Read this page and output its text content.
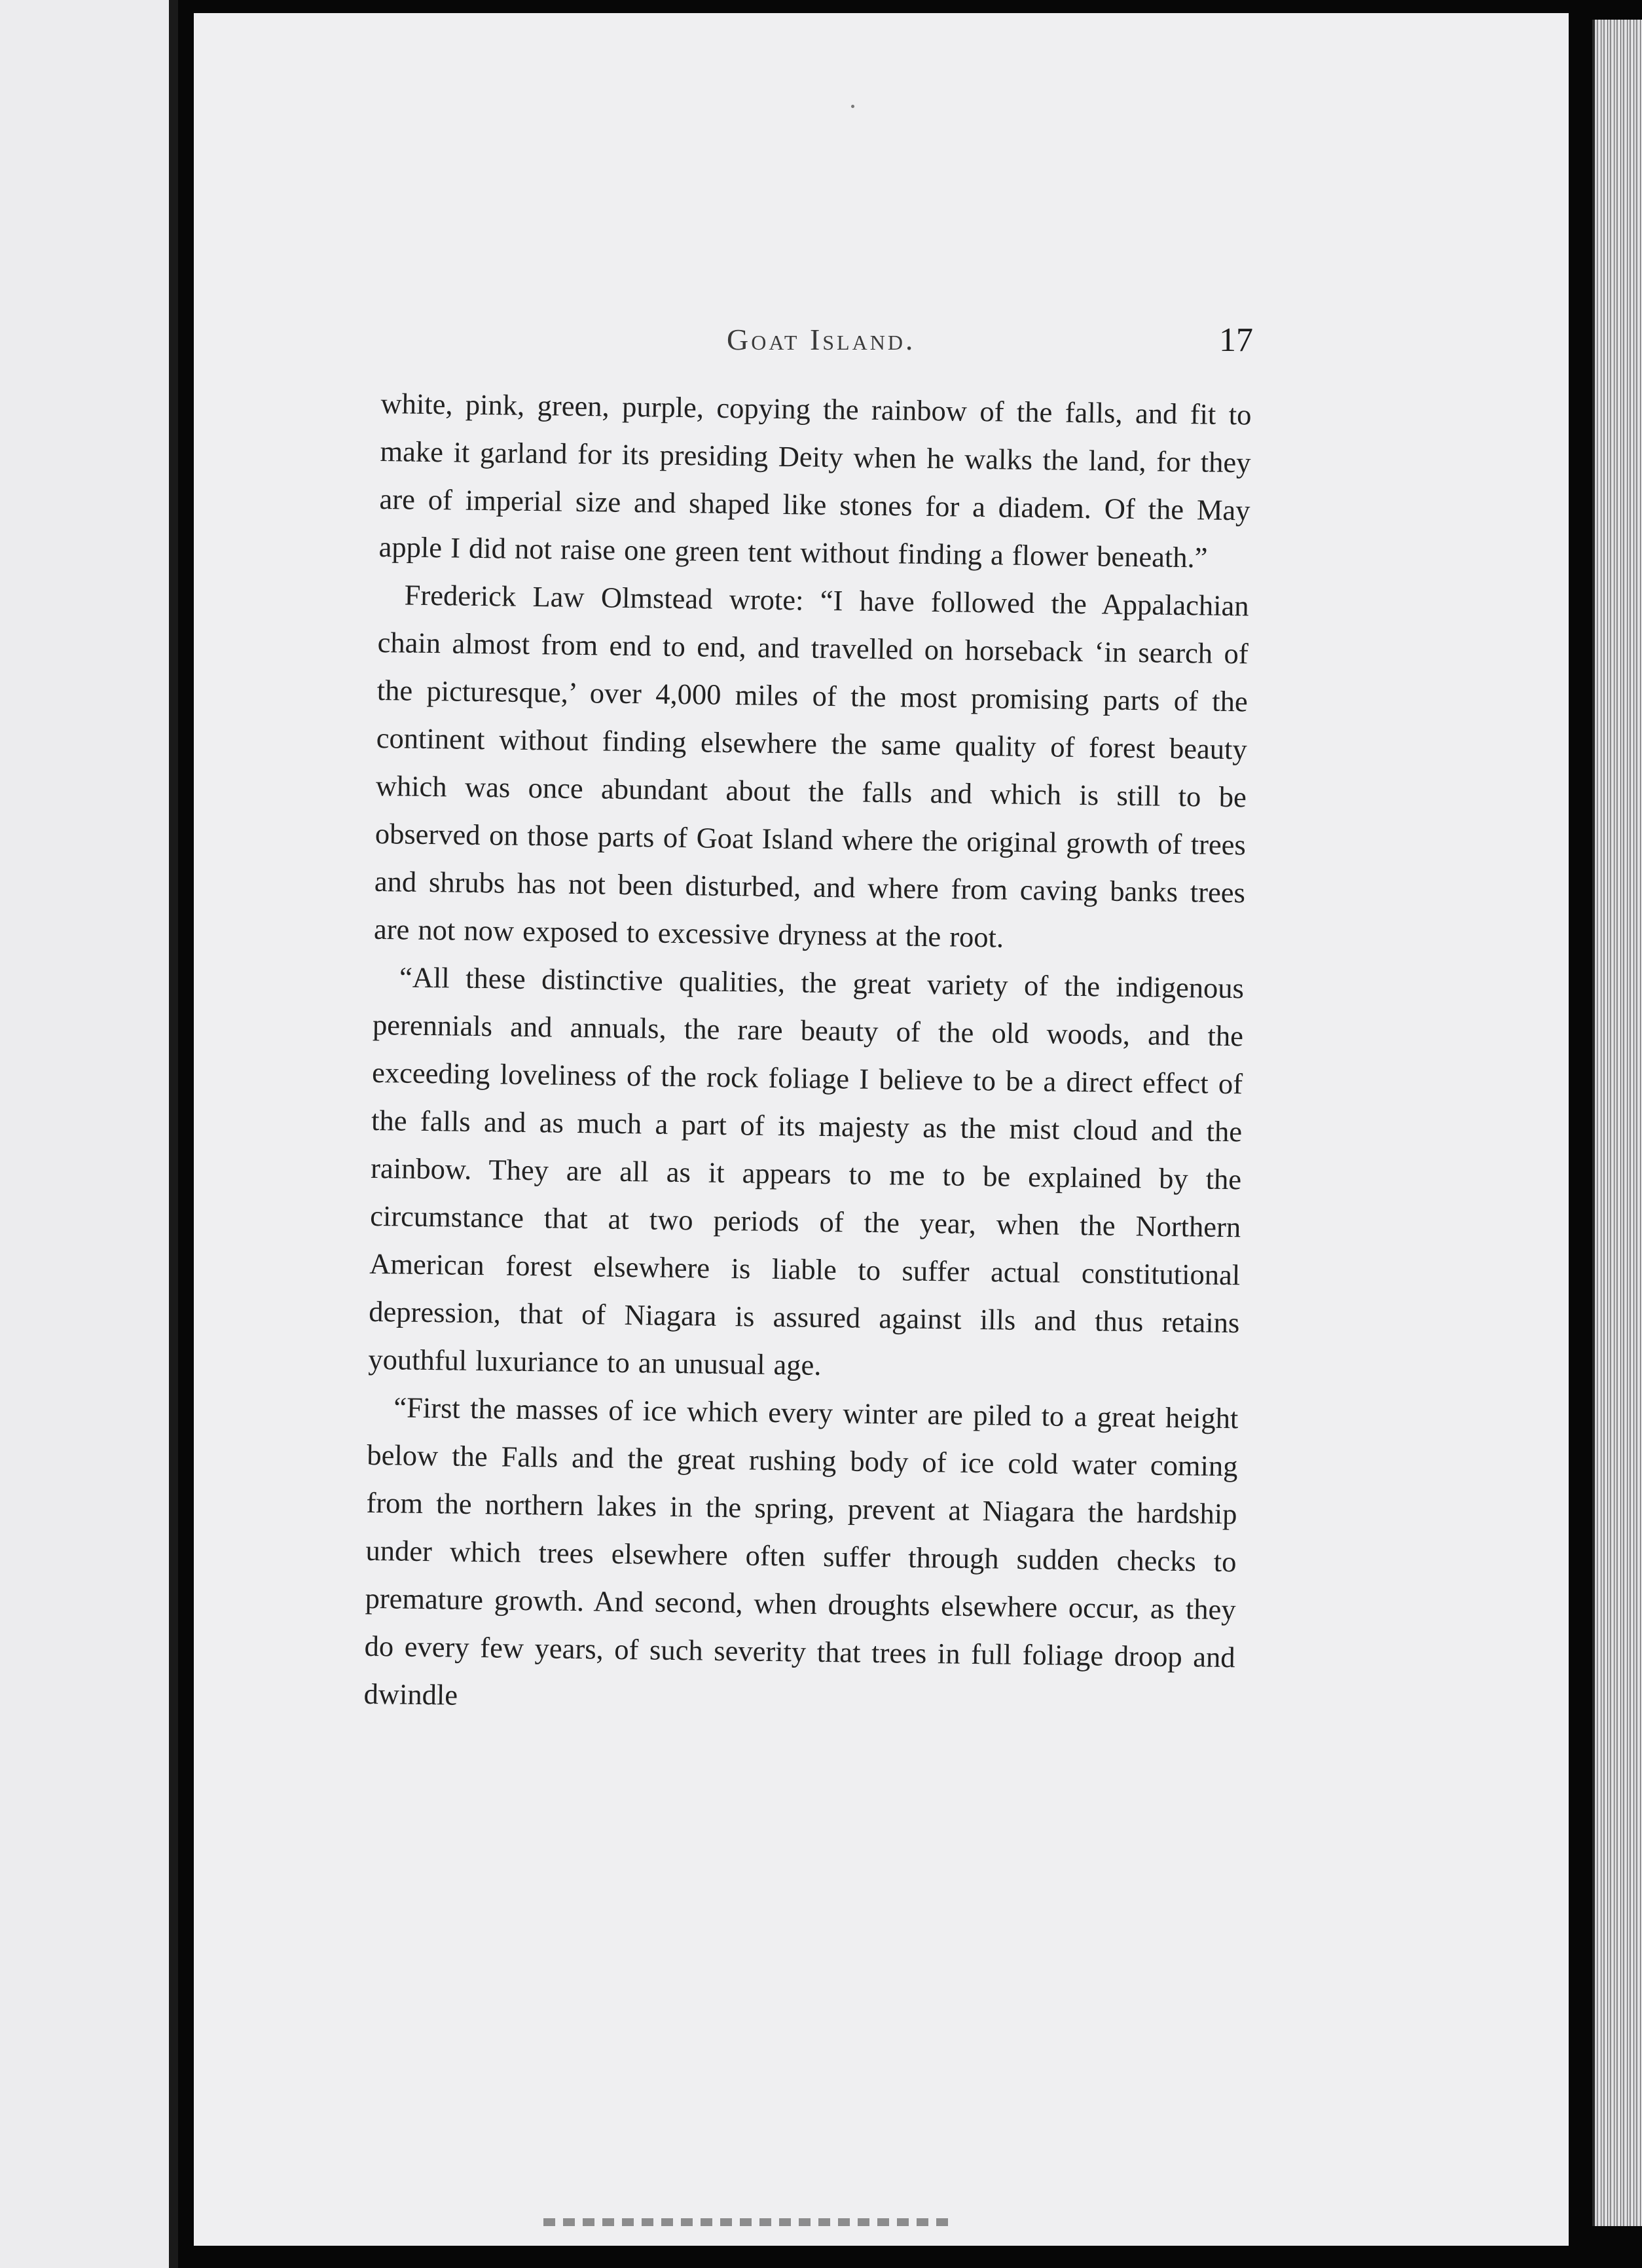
Goat Island.	17

white, pink, green, purple, copying the rainbow of the falls, and fit to make it garland for its presiding Deity when he walks the land, for they are of imperial size and shaped like stones for a diadem. Of the May apple I did not raise one green tent without finding a flower beneath.”

Frederick Law Olmstead wrote: “I have followed the Appalachian chain almost from end to end, and travelled on horseback ‘in search of the picturesque,’ over 4,000 miles of the most promising parts of the continent without finding elsewhere the same quality of forest beauty which was once abundant about the falls and which is still to be observed on those parts of Goat Island where the original growth of trees and shrubs has not been disturbed, and where from caving banks trees are not now exposed to excessive dryness at the root.

“All these distinctive qualities, the great variety of the indigenous perennials and annuals, the rare beauty of the old woods, and the exceeding loveliness of the rock foliage I believe to be a direct effect of the falls and as much a part of its majesty as the mist cloud and the rainbow. They are all as it appears to me to be explained by the circumstance that at two periods of the year, when the Northern American forest elsewhere is liable to suffer actual constitutional depression, that of Niagara is assured against ills and thus retains youthful luxuriance to an unusual age.

“First the masses of ice which every winter are piled to a great height below the Falls and the great rushing body of ice cold water coming from the northern lakes in the spring, prevent at Niagara the hardship under which trees elsewhere often suffer through sudden checks to premature growth. And second, when droughts elsewhere occur, as they do every few years, of such severity that trees in full foliage droop and dwindle
